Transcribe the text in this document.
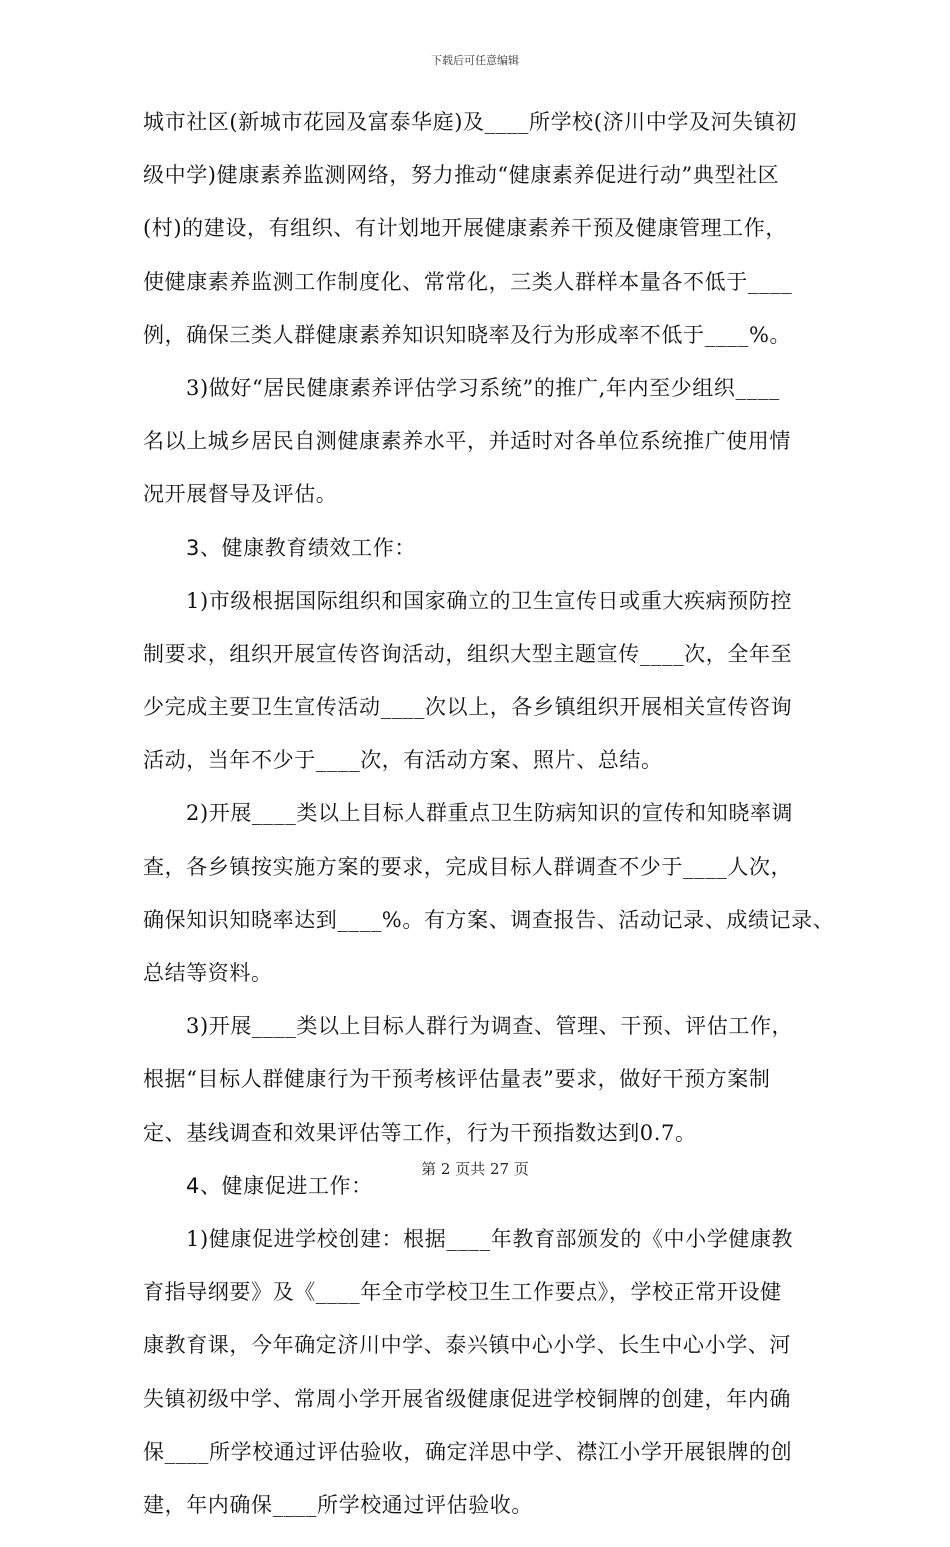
下载后可任意编辑
城市社区(新城市花园及富泰华庭)及____所学校(济川中学及河失镇初
级中学)健康素养监测网络，努力推动“健康素养促进行动”典型社区
(村)的建设，有组织、有计划地开展健康素养干预及健康管理工作，
使健康素养监测工作制度化、常常化，三类人群样本量各不低于____
例，确保三类人群健康素养知识知晓率及行为形成率不低于____%。
3)做好“居民健康素养评估学习系统”的推广,年内至少组织____
名以上城乡居民自测健康素养水平，并适时对各单位系统推广使用情
况开展督导及评估。
3、健康教育绩效工作：
1)市级根据国际组织和国家确立的卫生宣传日或重大疾病预防控
制要求，组织开展宣传咨询活动，组织大型主题宣传____次，全年至
少完成主要卫生宣传活动____次以上，各乡镇组织开展相关宣传咨询
活动，当年不少于____次，有活动方案、照片、总结。
2)开展____类以上目标人群重点卫生防病知识的宣传和知晓率调
查，各乡镇按实施方案的要求，完成目标人群调查不少于____人次，
确保知识知晓率达到____%。有方案、调查报告、活动记录、成绩记录、
总结等资料。
3)开展____类以上目标人群行为调查、管理、干预、评估工作，
根据“目标人群健康行为干预考核评估量表”要求，做好干预方案制
定、基线调查和效果评估等工作，行为干预指数达到0.7。
4、健康促进工作：
1)健康促进学校创建：根据____年教育部颁发的《中小学健康教
育指导纲要》及《____年全市学校卫生工作要点》，学校正常开设健
康教育课，今年确定济川中学、泰兴镇中心小学、长生中心小学、河
失镇初级中学、常周小学开展省级健康促进学校铜牌的创建，年内确
保____所学校通过评估验收，确定洋思中学、襟江小学开展银牌的创
建，年内确保____所学校通过评估验收。
第 2 页共 27 页
